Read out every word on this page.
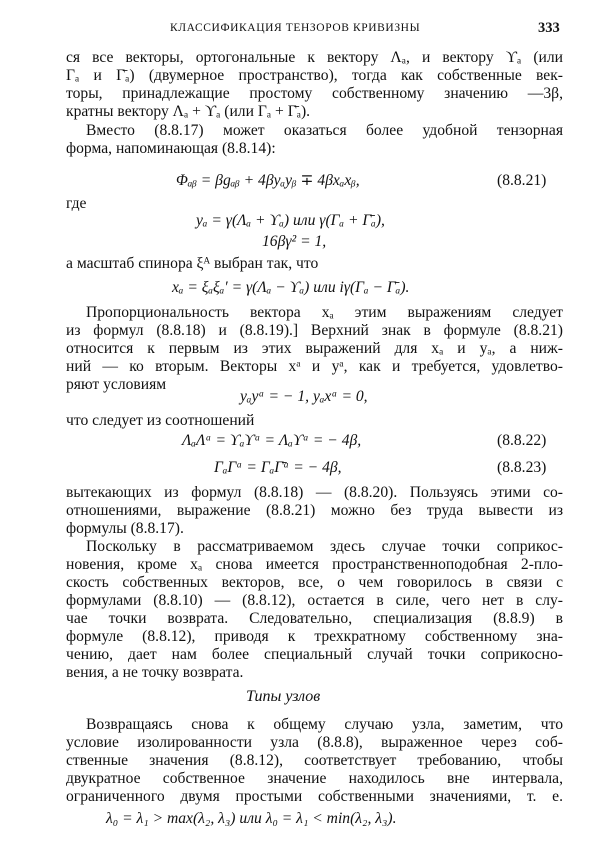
КЛАССИФИКАЦИЯ ТЕНЗОРОВ КРИВИЗНЫ	333
ся все векторы, ортогональные к вектору Λₐ, и вектору ϒₐ (или
Γₐ и Γ̄ₐ) (двумерное пространство), тогда как собственные век-
торы, принадлежащие простому собственному значению —3β,
кратны вектору Λₐ + ϒₐ (или Γₐ + Γ̄ₐ).
Вместо (8.8.17) может оказаться более удобной тензорная
форма, напоминающая (8.8.14):
Φₐᵦ = βgₐᵦ + 4βyₐyᵦ ∓ 4βxₐxᵦ,	(8.8.21)
где
yₐ = γ(Λₐ + ϒₐ) или γ(Γₐ + Γ̄ₐ),
16βγ² = 1,
а масштаб спинора ξᴬ выбран так, что
xₐ = ξₐξₐ′ = γ(Λₐ − ϒₐ) или iγ(Γₐ − Γ̄ₐ).
Пропорциональность вектора xₐ этим выражениям следует
из формул (8.8.18) и (8.8.19).] Верхний знак в формуле (8.8.21)
относится к первым из этих выражений для xₐ и yₐ, а ниж-
ний — ко вторым. Векторы xᵃ и yᵃ, как и требуется, удовлетво-
ряют условиям
yₐyᵃ = − 1, yₐxᵃ = 0,
что следует из соотношений
ΛₐΛᵃ = ϒₐϒᵃ = Λₐϒᵃ = − 4β,	(8.8.22)
ΓₐΓᵃ = ΓₐΓ̄ᵃ = − 4β,	(8.8.23)
вытекающих из формул (8.8.18) — (8.8.20). Пользуясь этими со-
отношениями, выражение (8.8.21) можно без труда вывести из
формулы (8.8.17).
Поскольку в рассматриваемом здесь случае точки соприкос-
новения, кроме xₐ снова имеется пространственноподобная 2-пло-
скость собственных векторов, все, о чем говорилось в связи с
формулами (8.8.10) — (8.8.12), остается в силе, чего нет в слу-
чае точки возврата. Следовательно, специализация (8.8.9) в
формуле (8.8.12), приводя к трехкратному собственному зна-
чению, дает нам более специальный случай точки соприкосно-
вения, а не точку возврата.
Типы узлов
Возвращаясь снова к общему случаю узла, заметим, что
условие изолированности узла (8.8.8), выраженное через соб-
ственные значения (8.8.12), соответствует требованию, чтобы
двукратное собственное значение находилось вне интервала,
ограниченного двумя простыми собственными значениями, т. е.
λ₀ = λ₁ > max(λ₂, λ₃) или λ₀ = λ₁ < min(λ₂, λ₃).
